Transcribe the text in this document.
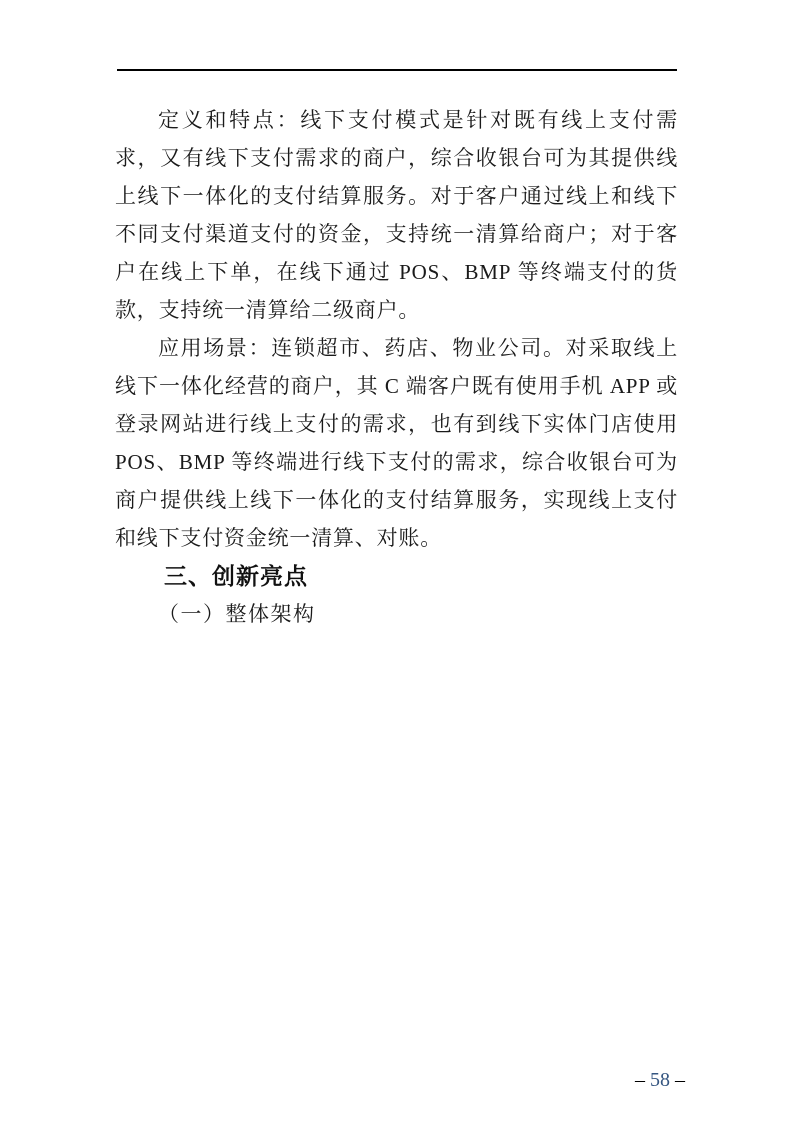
定义和特点：线下支付模式是针对既有线上支付需求，又有线下支付需求的商户，综合收银台可为其提供线上线下一体化的支付结算服务。对于客户通过线上和线下不同支付渠道支付的资金，支持统一清算给商户；对于客户在线上下单，在线下通过 POS、BMP 等终端支付的货款，支持统一清算给二级商户。

应用场景：连锁超市、药店、物业公司。对采取线上线下一体化经营的商户，其 C 端客户既有使用手机 APP 或登录网站进行线上支付的需求，也有到线下实体门店使用 POS、BMP 等终端进行线下支付的需求，综合收银台可为商户提供线上线下一体化的支付结算服务，实现线上支付和线下支付资金统一清算、对账。

三、创新亮点
（一）整体架构

– 58 –
